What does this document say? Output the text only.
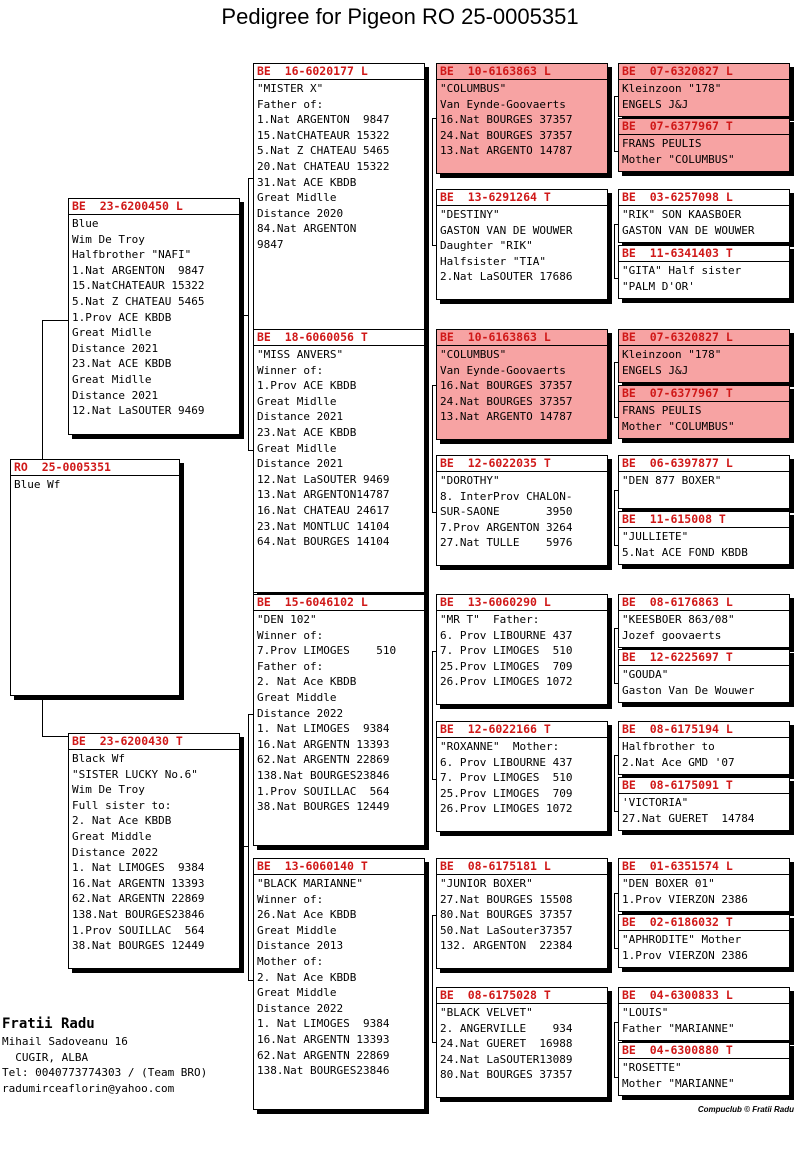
Pedigree for Pigeon RO 25-0005351
RO  25-0005351
Blue Wf
BE  23-6200450 L
Blue
Wim De Troy
Halfbrother "NAFI"
1.Nat ARGENTON  9847
15.NatCHATEAUR 15322
5.Nat Z CHATEAU 5465
1.Prov ACE KBDB
Great Midlle
Distance 2021
23.Nat ACE KBDB
Great Midlle
Distance 2021
12.Nat LaSOUTER 9469
BE  23-6200430 T
Black Wf
"SISTER LUCKY No.6"
Wim De Troy
Full sister to:
2. Nat Ace KBDB
Great Middle
Distance 2022
1. Nat LIMOGES  9384
16.Nat ARGENTN 13393
62.Nat ARGENTN 22869
138.Nat BOURGES23846
1.Prov SOUILLAC  564
38.Nat BOURGES 12449
BE  16-6020177 L
"MISTER X"
Father of:
1.Nat ARGENTON  9847
15.NatCHATEAUR 15322
5.Nat Z CHATEAU 5465
20.Nat CHATEAU 15322
31.Nat ACE KBDB
Great Midlle
Distance 2020
84.Nat ARGENTON
9847
BE  18-6060056 T
"MISS ANVERS"
Winner of:
1.Prov ACE KBDB
Great Midlle
Distance 2021
23.Nat ACE KBDB
Great Midlle
Distance 2021
12.Nat LaSOUTER 9469
13.Nat ARGENTON14787
16.Nat CHATEAU 24617
23.Nat MONTLUC 14104
64.Nat BOURGES 14104
BE  15-6046102 L
"DEN 102"
Winner of:
7.Prov LIMOGES    510
Father of:
2. Nat Ace KBDB
Great Middle
Distance 2022
1. Nat LIMOGES  9384
16.Nat ARGENTN 13393
62.Nat ARGENTN 22869
138.Nat BOURGES23846
1.Prov SOUILLAC  564
38.Nat BOURGES 12449
BE  13-6060140 T
"BLACK MARIANNE"
Winner of:
26.Nat Ace KBDB
Great Middle
Distance 2013
Mother of:
2. Nat Ace KBDB
Great Middle
Distance 2022
1. Nat LIMOGES  9384
16.Nat ARGENTN 13393
62.Nat ARGENTN 22869
138.Nat BOURGES23846
BE  10-6163863 L
"COLUMBUS"
Van Eynde-Goovaerts
16.Nat BOURGES 37357
24.Nat BOURGES 37357
13.Nat ARGENTO 14787
BE  13-6291264 T
"DESTINY"
GASTON VAN DE WOUWER
Daughter "RIK"
Halfsister "TIA"
2.Nat LaSOUTER 17686
BE  10-6163863 L
"COLUMBUS"
Van Eynde-Goovaerts
16.Nat BOURGES 37357
24.Nat BOURGES 37357
13.Nat ARGENTO 14787
BE  12-6022035 T
"DOROTHY"
8. InterProv CHALON-
SUR-SAONE       3950
7.Prov ARGENTON 3264
27.Nat TULLE    5976
BE  13-6060290 L
"MR T"  Father:
6. Prov LIBOURNE 437
7. Prov LIMOGES  510
25.Prov LIMOGES  709
26.Prov LIMOGES 1072
BE  12-6022166 T
"ROXANNE"  Mother:
6. Prov LIBOURNE 437
7. Prov LIMOGES  510
25.Prov LIMOGES  709
26.Prov LIMOGES 1072
BE  08-6175181 L
"JUNIOR BOXER"
27.Nat BOURGES 15508
80.Nat BOURGES 37357
50.Nat LaSouter37357
132. ARGENTON  22384
BE  08-6175028 T
"BLACK VELVET"
2. ANGERVILLE    934
24.Nat GUERET  16988
24.Nat LaSOUTER13089
80.Nat BOURGES 37357
BE  07-6320827 L
Kleinzoon "178"
ENGELS J&J
BE  07-6377967 T
FRANS PEULIS
Mother "COLUMBUS"
BE  03-6257098 L
"RIK" SON KAASBOER
GASTON VAN DE WOUWER
BE  11-6341403 T
"GITA" Half sister
"PALM D'OR'
BE  07-6320827 L
Kleinzoon "178"
ENGELS J&J
BE  07-6377967 T
FRANS PEULIS
Mother "COLUMBUS"
BE  06-6397877 L
"DEN 877 BOXER"
BE  11-615008 T
"JULLIETE"
5.Nat ACE FOND KBDB
BE  08-6176863 L
"KEESBOER 863/08"
Jozef goovaerts
BE  12-6225697 T
"GOUDA"
Gaston Van De Wouwer
BE  08-6175194 L
Halfbrother to
2.Nat Ace GMD '07
BE  08-6175091 T
'VICTORIA"
27.Nat GUERET  14784
BE  01-6351574 L
"DEN BOXER 01"
1.Prov VIERZON 2386
BE  02-6186032 T
"APHRODITE" Mother
1.Prov VIERZON 2386
BE  04-6300833 L
"LOUIS"
Father "MARIANNE"
BE  04-6300880 T
"ROSETTE"
Mother "MARIANNE"
Fratii Radu
Mihail Sadoveanu 16
CUGIR, ALBA
Tel: 0040773774303 / (Team BRO)
radumirceaflorin@yahoo.com
Compuclub © Fratii Radu
